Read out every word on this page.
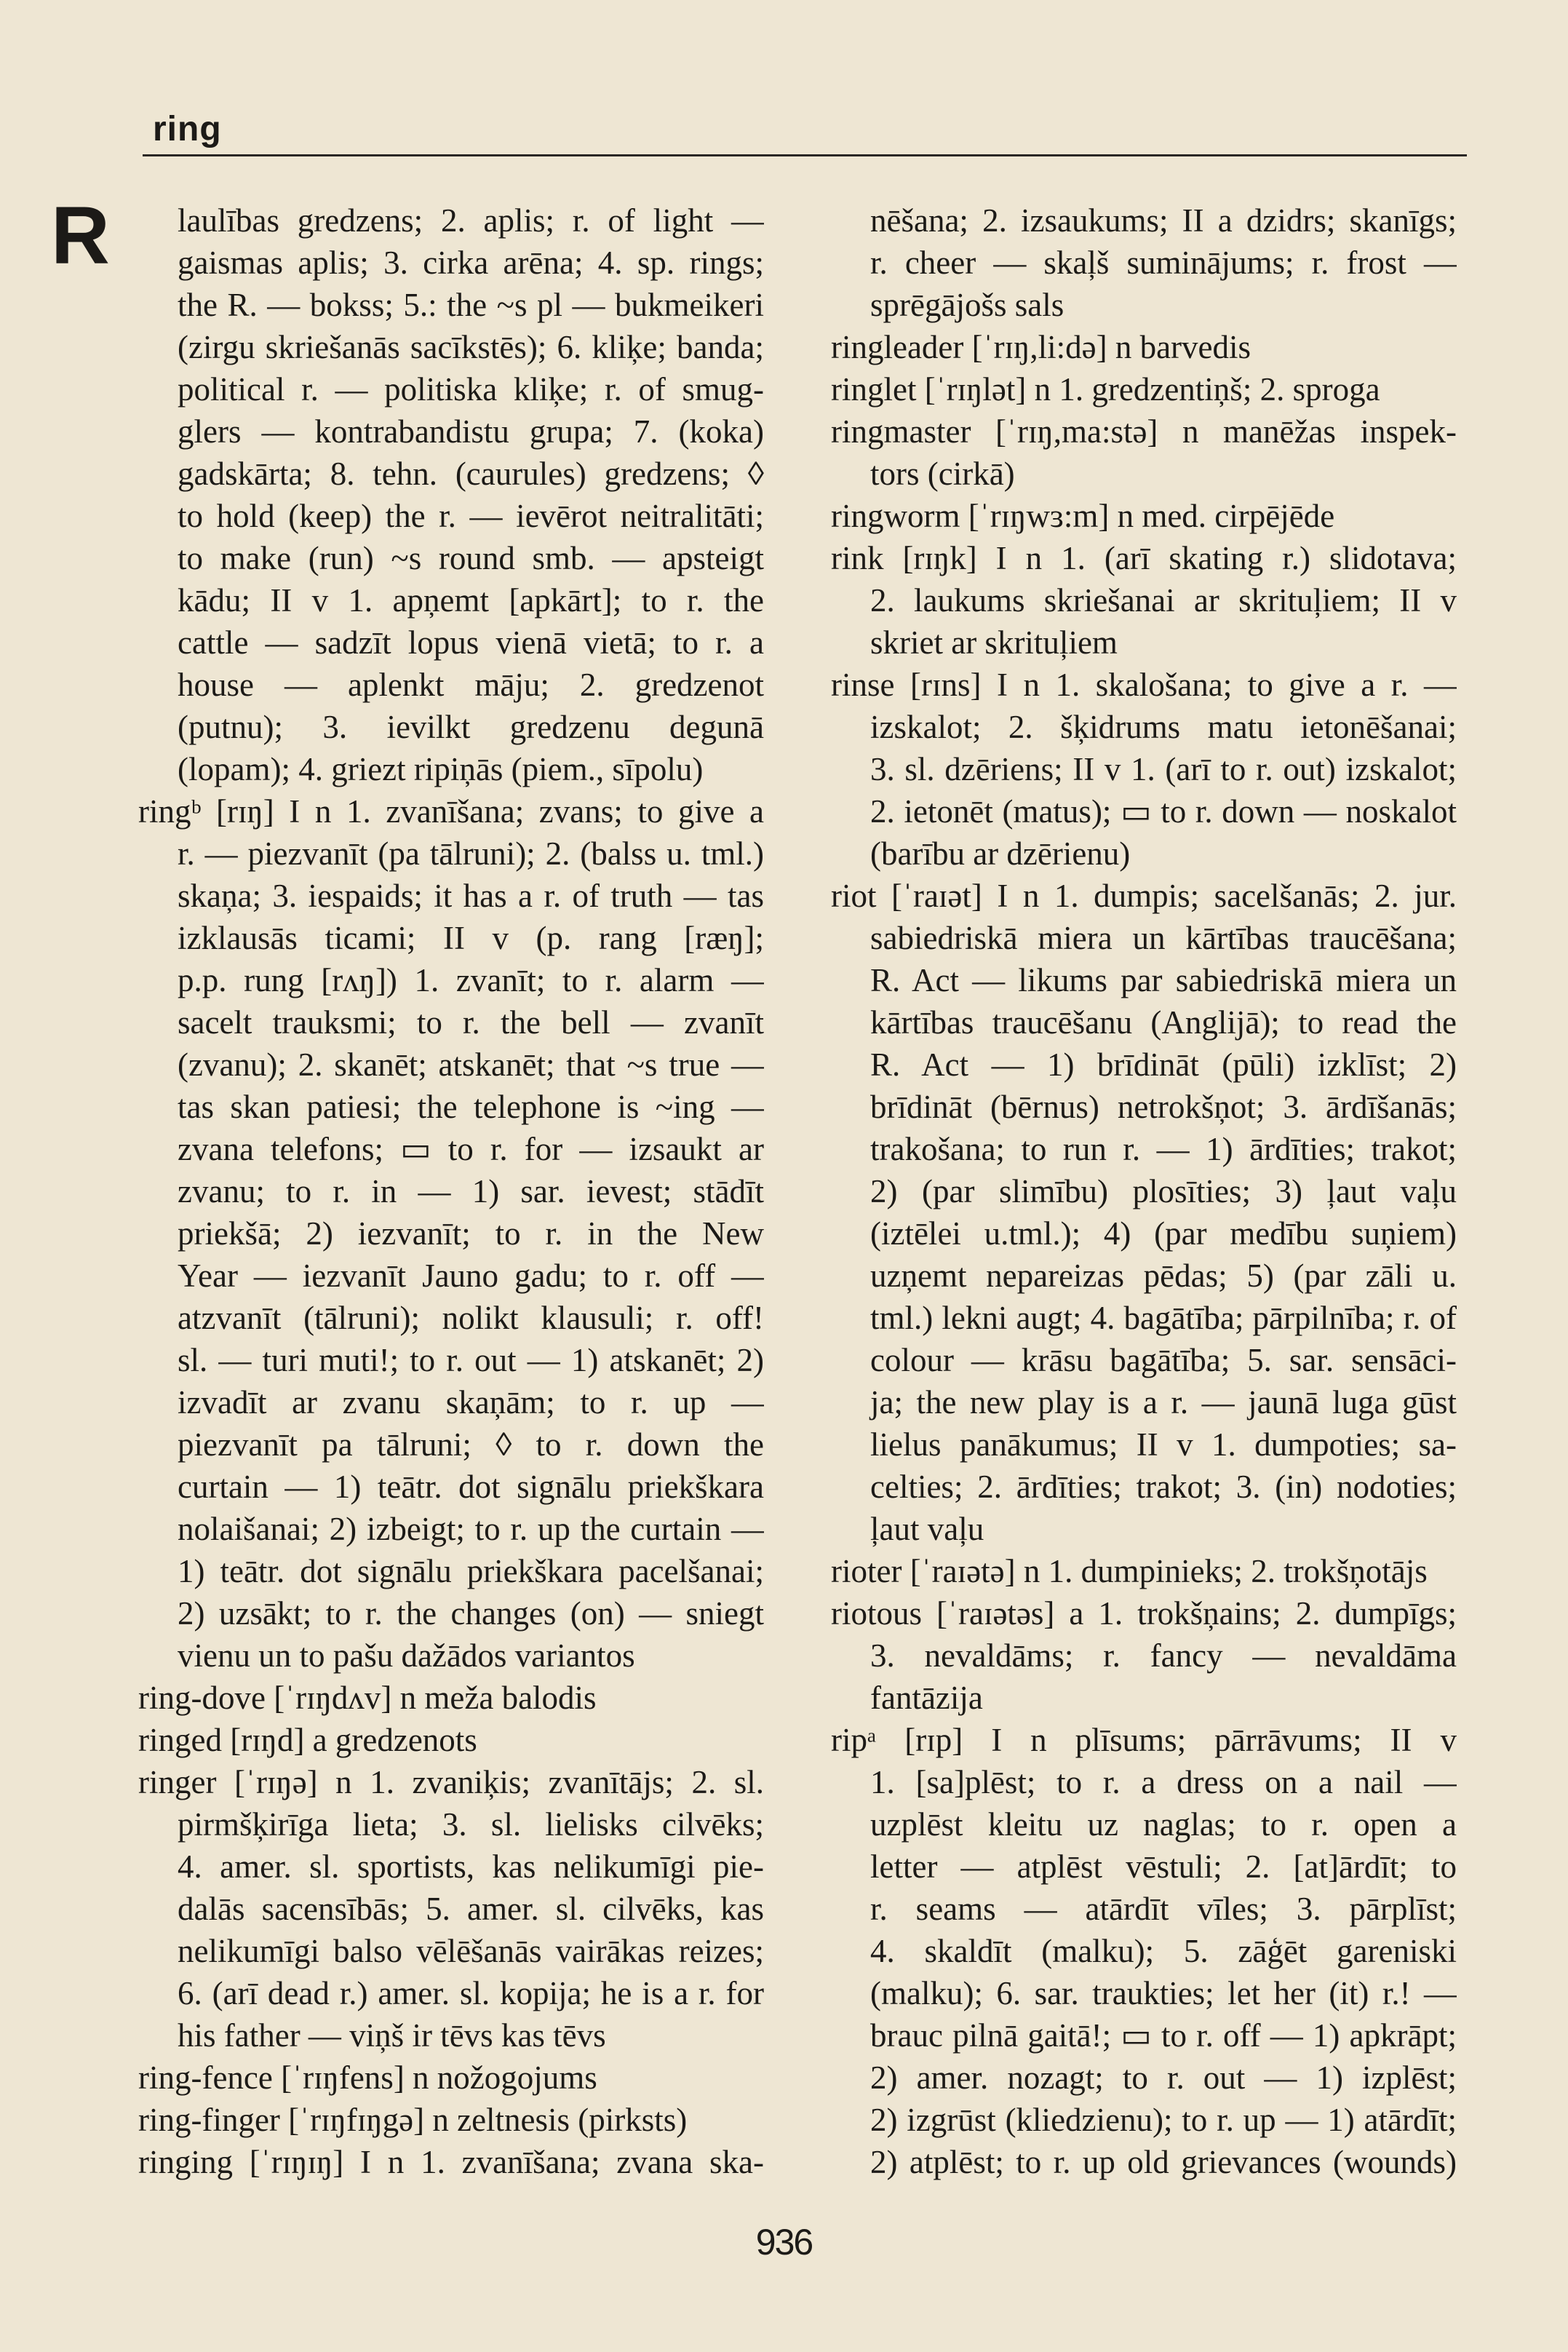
ring
R	laulības gredzens; 2. aplis; r. of light —
gaismas aplis; 3. cirka arēna; 4. sp. rings;
the R. — bokss; 5.: the ~s pl — bukmeikeri
(zirgu skriešanās sacīkstēs); 6. kliķe; banda;
political r. — politiska kliķe; r. of smug-
glers — kontrabandistu grupa; 7. (koka)
gadskārta; 8. tehn. (caurules) gredzens; ◊
to hold (keep) the r. — ievērot neitralitāti;
to make (run) ~s round smb. — apsteigt
kādu; II v 1. apņemt [apkārt]; to r. the
cattle — sadzīt lopus vienā vietā; to r. a
house — aplenkt māju; 2. gredzenot
(putnu); 3. ievilkt gredzenu degunā
(lopam); 4. griezt ripiņās (piem., sīpolu)
ringᵇ [rɪŋ] I n 1. zvanīšana; zvans; to give a
r. — piezvanīt (pa tālruni); 2. (balss u. tml.)
skaņa; 3. iespaids; it has a r. of truth — tas
izklausās ticami; II v (p. rang [ræŋ];
p.p. rung [rʌŋ]) 1. zvanīt; to r. alarm —
sacelt trauksmi; to r. the bell — zvanīt
(zvanu); 2. skanēt; atskanēt; that ~s true —
tas skan patiesi; the telephone is ~ing —
zvana telefons; ▭ to r. for — izsaukt ar
zvanu; to r. in — 1) sar. ievest; stādīt
priekšā; 2) iezvanīt; to r. in the New
Year — iezvanīt Jauno gadu; to r. off —
atzvanīt (tālruni); nolikt klausuli; r. off!
sl. — turi muti!; to r. out — 1) atskanēt; 2)
izvadīt ar zvanu skaņām; to r. up —
piezvanīt pa tālruni; ◊ to r. down the
curtain — 1) teātr. dot signālu priekškara
nolaišanai; 2) izbeigt; to r. up the curtain —
1) teātr. dot signālu priekškara pacelšanai;
2) uzsākt; to r. the changes (on) — sniegt
vienu un to pašu dažādos variantos
ring-dove [ˈrɪŋdʌv] n meža balodis
ringed [rɪŋd] a gredzenots
ringer [ˈrɪŋə] n 1. zvaniķis; zvanītājs; 2. sl.
pirmšķirīga lieta; 3. sl. lielisks cilvēks;
4. amer. sl. sportists, kas nelikumīgi pie-
dalās sacensībās; 5. amer. sl. cilvēks, kas
nelikumīgi balso vēlēšanās vairākas reizes;
6. (arī dead r.) amer. sl. kopija; he is a r. for
his father — viņš ir tēvs kas tēvs
ring-fence [ˈrɪŋfens] n nožogojums
ring-finger [ˈrɪŋfɪŋgə] n zeltnesis (pirksts)
ringing [ˈrɪŋɪŋ] I n 1. zvanīšana; zvana ska-
nēšana; 2. izsaukums; II a dzidrs; skanīgs;
r. cheer — skaļš suminājums; r. frost —
sprēgājošs sals
ringleader [ˈrɪŋ,li:də] n barvedis
ringlet [ˈrɪŋlət] n 1. gredzentiņš; 2. sproga
ringmaster [ˈrɪŋ,ma:stə] n manēžas inspek-
tors (cirkā)
ringworm [ˈrɪŋwɜ:m] n med. cirpējēde
rink [rɪŋk] I n 1. (arī skating r.) slidotava;
2. laukums skriešanai ar skrituļiem; II v
skriet ar skrituļiem
rinse [rɪns] I n 1. skalošana; to give a r. —
izskalot; 2. šķidrums matu ietonēšanai;
3. sl. dzēriens; II v 1. (arī to r. out) izskalot;
2. ietonēt (matus); ▭ to r. down — noskalot
(barību ar dzērienu)
riot [ˈraɪət] I n 1. dumpis; sacelšanās; 2. jur.
sabiedriskā miera un kārtības traucēšana;
R. Act — likums par sabiedriskā miera un
kārtības traucēšanu (Anglijā); to read the
R. Act — 1) brīdināt (pūli) izklīst; 2)
brīdināt (bērnus) netrokšņot; 3. ārdīšanās;
trakošana; to run r. — 1) ārdīties; trakot;
2) (par slimību) plosīties; 3) ļaut vaļu
(iztēlei u.tml.); 4) (par medību suņiem)
uzņemt nepareizas pēdas; 5) (par zāli u.
tml.) lekni augt; 4. bagātība; pārpilnība; r. of
colour — krāsu bagātība; 5. sar. sensāci-
ja; the new play is a r. — jaunā luga gūst
lielus panākumus; II v 1. dumpoties; sa-
celties; 2. ārdīties; trakot; 3. (in) nodoties;
ļaut vaļu
rioter [ˈraɪətə] n 1. dumpinieks; 2. trokšņotājs
riotous [ˈraɪətəs] a 1. trokšņains; 2. dumpīgs;
3. nevaldāms; r. fancy — nevaldāma
fantāzija
ripᵃ [rɪp] I n plīsums; pārrāvums; II v
1. [sa]plēst; to r. a dress on a nail —
uzplēst kleitu uz naglas; to r. open a
letter — atplēst vēstuli; 2. [at]ārdīt; to
r. seams — atārdīt vīles; 3. pārplīst;
4. skaldīt (malku); 5. zāģēt gareniski
(malku); 6. sar. traukties; let her (it) r.! —
brauc pilnā gaitā!; ▭ to r. off — 1) apkrāpt;
2) amer. nozagt; to r. out — 1) izplēst;
2) izgrūst (kliedzienu); to r. up — 1) atārdīt;
2) atplēst; to r. up old grievances (wounds)
936
